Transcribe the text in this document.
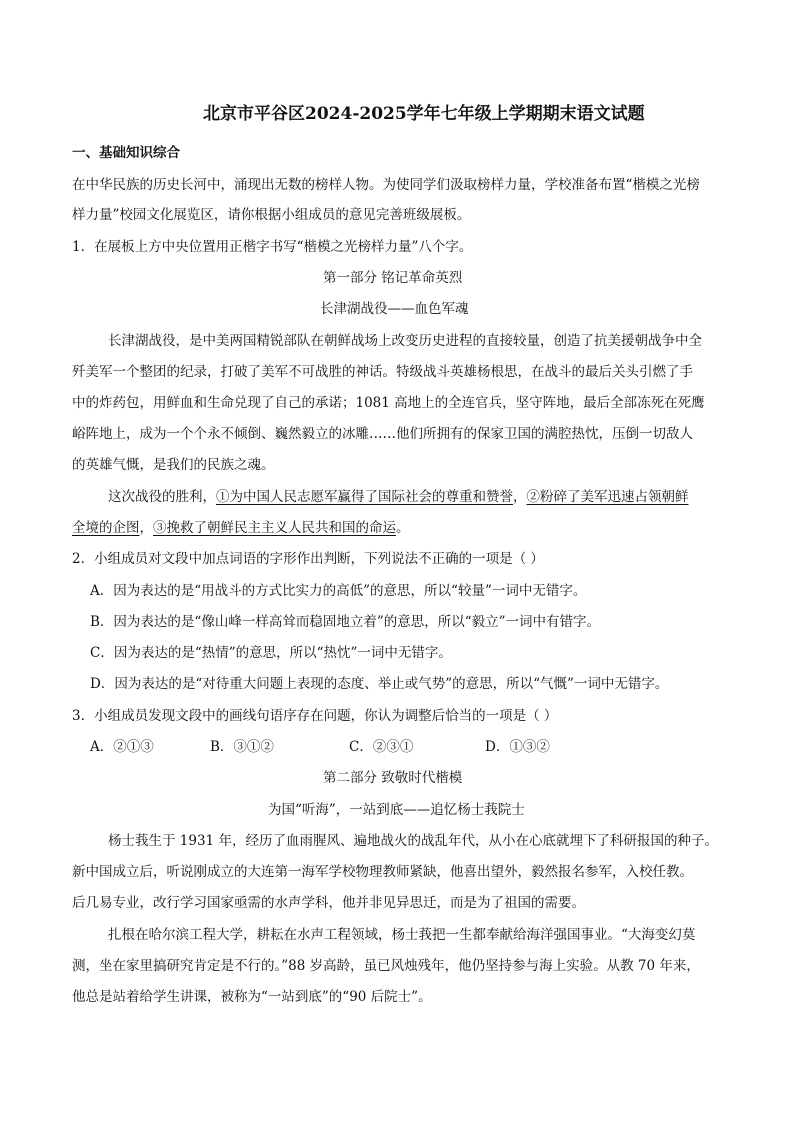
北京市平谷区2024-2025学年七年级上学期期末语文试题
一、基础知识综合
在中华民族的历史长河中，涌现出无数的榜样人物。为使同学们汲取榜样力量，学校准备布置“楷模之光榜
样力量”校园文化展览区，请你根据小组成员的意见完善班级展板。
1．在展板上方中央位置用正楷字书写“楷模之光榜样力量”八个字。
第一部分 铭记革命英烈
长津湖战役——血色军魂
长津湖战役，是中美两国精锐部队在朝鲜战场上改变历史进程的直接较量，创造了抗美援朝战争中全
歼美军一个整团的纪录，打破了美军不可战胜的神话。特级战斗英雄杨根思，在战斗的最后关头引燃了手
中的炸药包，用鲜血和生命兑现了自己的承诺；1081 高地上的全连官兵，坚守阵地，最后全部冻死在死鹰
峪阵地上，成为一个个永不倾倒、巍然毅立的冰雕……他们所拥有的保家卫国的满腔热忱，压倒一切敌人
的英雄气慨，是我们的民族之魂。
这次战役的胜利，①为中国人民志愿军赢得了国际社会的尊重和赞誉，②粉碎了美军迅速占领朝鲜
全境的企图，③挽救了朝鲜民主主义人民共和国的命运。
2．小组成员对文段中加点词语的字形作出判断，下列说法不正确的一项是（ ）
A．因为表达的是“用战斗的方式比实力的高低”的意思，所以“较量”一词中无错字。
B．因为表达的是“像山峰一样高耸而稳固地立着”的意思，所以“毅立”一词中有错字。
C．因为表达的是“热情”的意思，所以“热忱”一词中无错字。
D．因为表达的是“对待重大问题上表现的态度、举止或气势”的意思，所以“气慨”一词中无错字。
3．小组成员发现文段中的画线句语序存在问题，你认为调整后恰当的一项是（ ）
A．②①③	B．③①②	C．②③①	D．①③②
第二部分 致敬时代楷模
为国“听海”，一站到底——追忆杨士莪院士
杨士莪生于 1931 年，经历了血雨腥风、遍地战火的战乱年代，从小在心底就埋下了科研报国的种子。
新中国成立后，听说刚成立的大连第一海军学校物理教师紧缺，他喜出望外，毅然报名参军，入校任教。
后几易专业，改行学习国家亟需的水声学科，他并非见异思迁，而是为了祖国的需要。
扎根在哈尔滨工程大学，耕耘在水声工程领域，杨士莪把一生都奉献给海洋强国事业。“大海变幻莫
测，坐在家里搞研究肯定是不行的。”88 岁高龄，虽已风烛残年，他仍坚持参与海上实验。从教 70 年来，
他总是站着给学生讲课，被称为“一站到底”的“90 后院士”。
